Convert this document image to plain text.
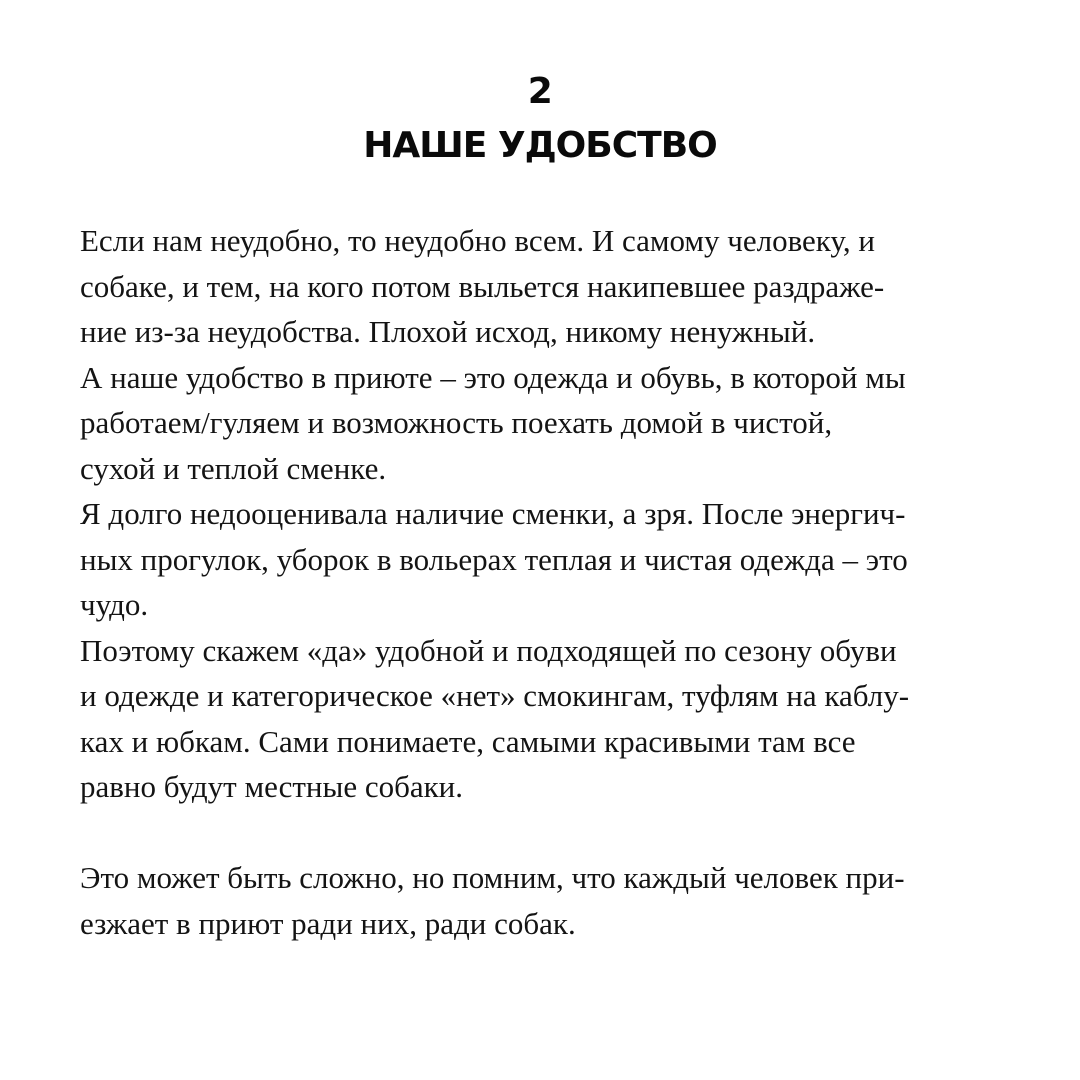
2
НАШЕ УДОБСТВО
Если нам неудобно, то неудобно всем. И самому человеку, и
собаке, и тем, на кого потом выльется накипевшее раздраже-
ние из-за неудобства. Плохой исход, никому ненужный.
А наше удобство в приюте – это одежда и обувь, в которой мы
работаем/гуляем и возможность поехать домой в чистой,
сухой и теплой сменке.
Я долго недооценивала наличие сменки, а зря. После энергич-
ных прогулок, уборок в вольерах теплая и чистая одежда – это
чудо.
Поэтому скажем «да» удобной и подходящей по сезону обуви
и одежде и категорическое «нет» смокингам, туфлям на каблу-
ках и юбкам. Сами понимаете, самыми красивыми там все
равно будут местные собаки.
Это может быть сложно, но помним, что каждый человек при-
езжает в приют ради них, ради собак.
